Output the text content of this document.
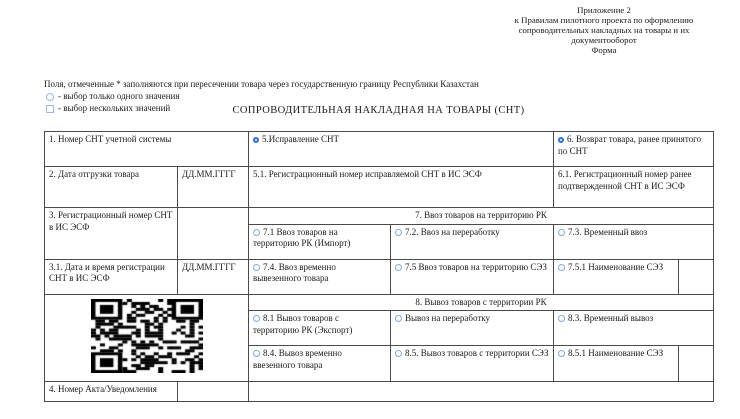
Приложение 2
к Правилам пилотного проекта по оформлению
сопроводительных накладных на товары и их
документооборот
Форма
Поля, отмеченные * заполняются при пересечении товара через государственную границу Республики Казахстан
- выбор только одного значения
- выбор нескольких значений	СОПРОВОДИТЕЛЬНАЯ НАКЛАДНАЯ НА ТОВАРЫ (СНТ)
1. Номер СНТ учетной системы		5.Исправление СНТ		6. Возврат товара, ранее принятого по СНТ	
2. Дата отгрузки товара	ДД.ММ.ГГГГ	5.1. Регистрационный номер исправляемой СНТ в ИС ЭСФ		6.1. Регистрационный номер ранее подтвержденной СНТ в ИС ЭСФ	
3. Регистрационный номер СНТ в ИС ЭСФ		7. Ввоз товаров на территорию РК			
		7.1 Ввоз товаров на территорию РК (Импорт)	7.2. Ввоз на переработку	7.3. Временный ввоз	
3.1. Дата и время регистрации СНТ в ИС ЭСФ	ДД.ММ.ГГГГ	7.4. Ввоз временно вывезенного товара	7.5 Ввоз товаров на территорию СЭЗ	7.5.1 Наименование СЭЗ	
	8. Вывоз товаров с территории РК			
		8.1 Вывоз товаров с территорию РК (Экспорт)	Вывоз на переработку	8.3. Временный вывоз	
		8.4. Вывоз временно ввезенного товара	8.5. Вывоз товаров с территории СЭЗ	8.5.1 Наименование СЭЗ	
4. Номер Акта/Уведомления					
